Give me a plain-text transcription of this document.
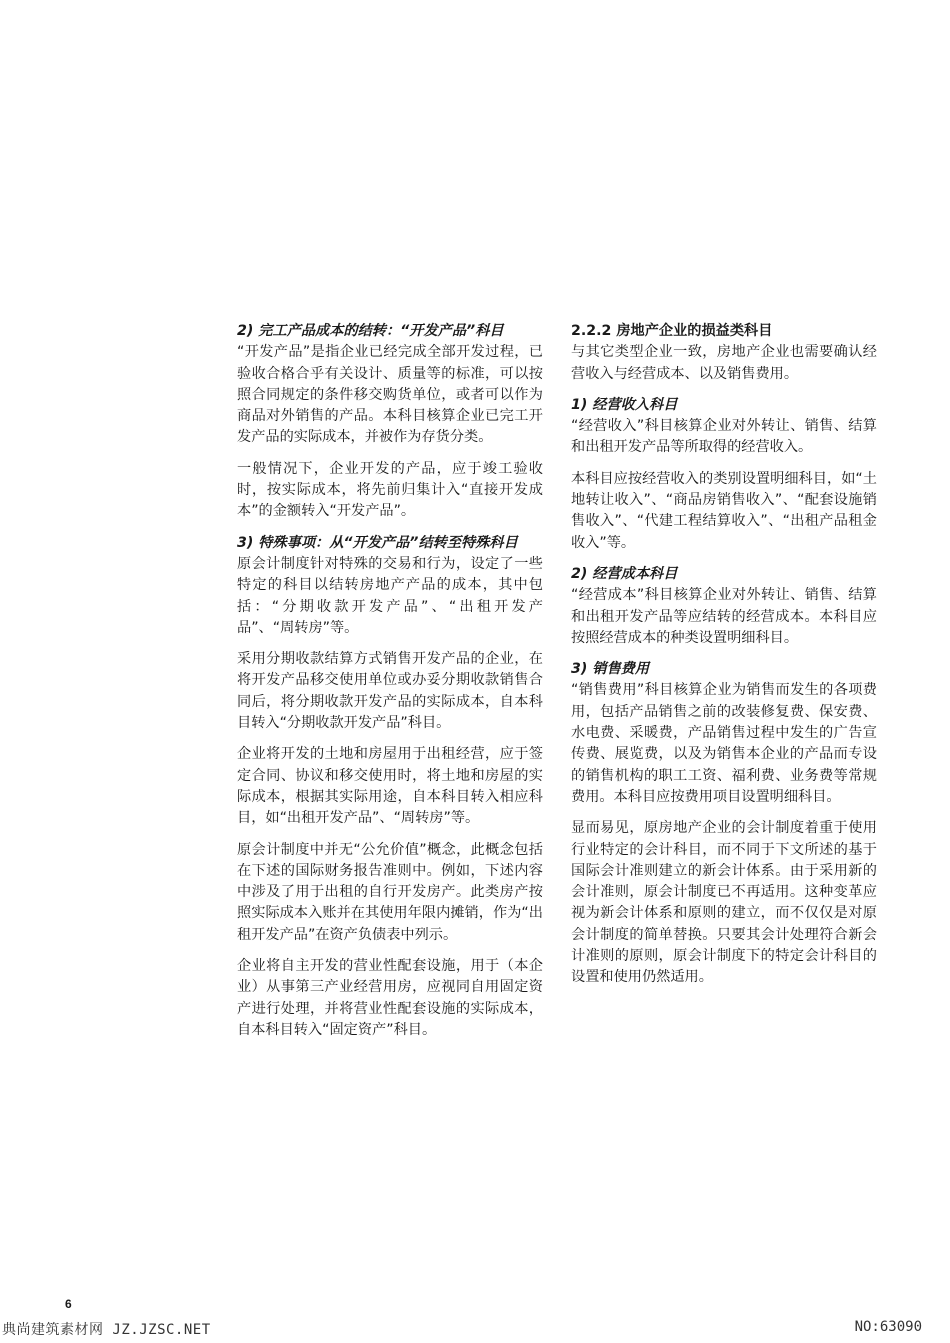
2) 完工产品成本的结转：“开发产品”科目

“开发产品”是指企业已经完成全部开发过程，已验收合格合乎有关设计、质量等的标准，可以按照合同规定的条件移交购货单位，或者可以作为商品对外销售的产品。本科目核算企业已完工开发产品的实际成本，并被作为存货分类。

一般情况下，企业开发的产品，应于竣工验收时，按实际成本，将先前归集计入“直接开发成本”的金额转入“开发产品”。

3) 特殊事项：从“开发产品”结转至特殊科目

原会计制度针对特殊的交易和行为，设定了一些特定的科目以结转房地产产品的成本，其中包括：“分期收款开发产品”、“出租开发产品”、“周转房”等。

采用分期收款结算方式销售开发产品的企业，在将开发产品移交使用单位或办妥分期收款销售合同后，将分期收款开发产品的实际成本，自本科目转入“分期收款开发产品”科目。

企业将开发的土地和房屋用于出租经营，应于签定合同、协议和移交使用时，将土地和房屋的实际成本，根据其实际用途，自本科目转入相应科目，如“出租开发产品”、“周转房”等。

原会计制度中并无“公允价值”概念，此概念包括在下述的国际财务报告准则中。例如，下述内容中涉及了用于出租的自行开发房产。此类房产按照实际成本入账并在其使用年限内摊销，作为“出租开发产品”在资产负债表中列示。

企业将自主开发的营业性配套设施，用于（本企业）从事第三产业经营用房，应视同自用固定资产进行处理，并将营业性配套设施的实际成本，自本科目转入“固定资产”科目。

2.2.2 房地产企业的损益类科目

与其它类型企业一致，房地产企业也需要确认经营收入与经营成本、以及销售费用。

1) 经营收入科目

“经营收入”科目核算企业对外转让、销售、结算和出租开发产品等所取得的经营收入。

本科目应按经营收入的类别设置明细科目，如“土地转让收入”、“商品房销售收入”、“配套设施销售收入”、“代建工程结算收入”、“出租产品租金收入”等。

2) 经营成本科目

“经营成本”科目核算企业对外转让、销售、结算和出租开发产品等应结转的经营成本。本科目应按照经营成本的种类设置明细科目。

3) 销售费用

“销售费用”科目核算企业为销售而发生的各项费用，包括产品销售之前的改装修复费、保安费、水电费、采暖费，产品销售过程中发生的广告宣传费、展览费，以及为销售本企业的产品而专设的销售机构的职工工资、福利费、业务费等常规费用。本科目应按费用项目设置明细科目。

显而易见，原房地产企业的会计制度着重于使用行业特定的会计科目，而不同于下文所述的基于国际会计准则建立的新会计体系。由于采用新的会计准则，原会计制度已不再适用。这种变革应视为新会计体系和原则的建立，而不仅仅是对原会计制度的简单替换。只要其会计处理符合新会计准则的原则，原会计制度下的特定会计科目的设置和使用仍然适用。

6
典尚建筑素材网 JZ.JZSC.NET	NO:63090
